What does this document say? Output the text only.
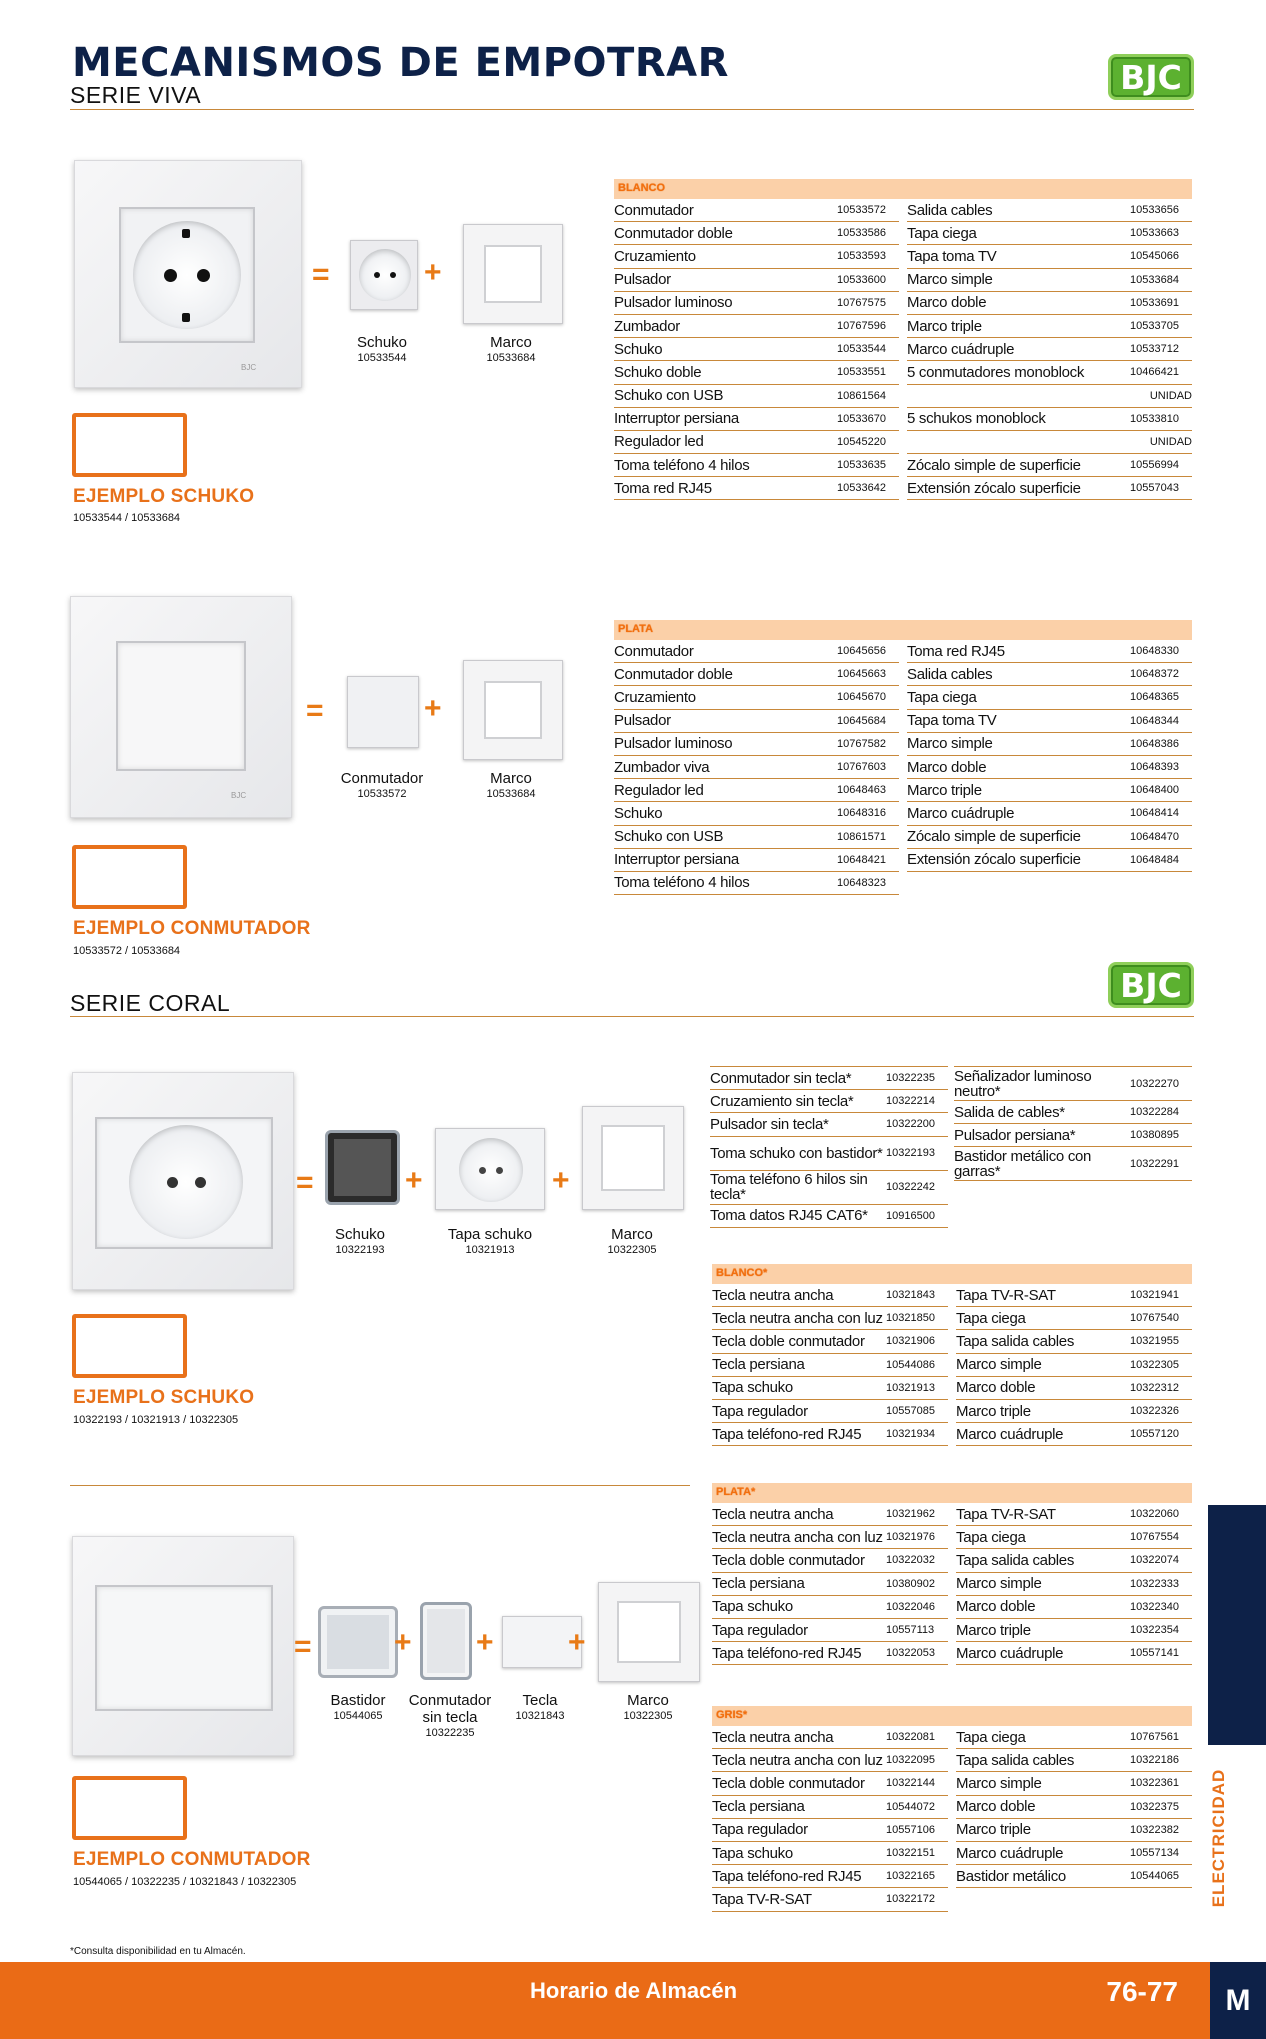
MECANISMOS DE EMPOTRAR
SERIE VIVA	BJC
BJC
=	+
Schuko
10533544
Marco
10533684
EJEMPLO SCHUKO
10533544 / 10533684
BLANCO
Conmutador	10533572
Conmutador doble	10533586
Cruzamiento	10533593
Pulsador	10533600
Pulsador luminoso	10767575
Zumbador	10767596
Schuko	10533544
Schuko doble	10533551
Schuko con USB	10861564
Interruptor persiana	10533670
Regulador led	10545220
Toma teléfono 4 hilos	10533635
Toma red RJ45	10533642
Salida cables	10533656
Tapa ciega	10533663
Tapa toma TV	10545066
Marco simple	10533684
Marco doble	10533691
Marco triple	10533705
Marco cuádruple	10533712
5 conmutadores monoblock	10466421
UNIDAD
5 schukos monoblock	10533810
UNIDAD
Zócalo simple de superficie	10556994
Extensión zócalo superficie	10557043
BJC
=	+
Conmutador
10533572
Marco
10533684
EJEMPLO CONMUTADOR
10533572 / 10533684
PLATA
Conmutador	10645656
Conmutador doble	10645663
Cruzamiento	10645670
Pulsador	10645684
Pulsador luminoso	10767582
Zumbador viva	10767603
Regulador led	10648463
Schuko	10648316
Schuko con USB	10861571
Interruptor persiana	10648421
Toma teléfono 4 hilos	10648323
Toma red RJ45	10648330
Salida cables	10648372
Tapa ciega	10648365
Tapa toma TV	10648344
Marco simple	10648386
Marco doble	10648393
Marco triple	10648400
Marco cuádruple	10648414
Zócalo simple de superficie	10648470
Extensión zócalo superficie	10648484
SERIE CORAL	BJC
=	+	+
Schuko
10322193
Tapa schuko
10321913
Marco
10322305
EJEMPLO SCHUKO
10322193 / 10321913 / 10322305
Conmutador sin tecla*	10322235
Cruzamiento sin tecla*	10322214
Pulsador sin tecla*	10322200
Toma schuko con bastidor* 10322193
Toma teléfono 6 hilos sin tecla*	10322242
Toma datos RJ45 CAT6*	10916500
Señalizador luminoso neutro*	10322270
Salida de cables*	10322284
Pulsador persiana*	10380895
Bastidor metálico con garras*	10322291
BLANCO*
Tecla neutra ancha	10321843
Tecla neutra ancha con luz 10321850
Tecla doble conmutador	10321906
Tecla persiana	10544086
Tapa schuko	10321913
Tapa regulador	10557085
Tapa teléfono-red RJ45	10321934
Tapa TV-R-SAT	10321941
Tapa ciega	10767540
Tapa salida cables	10321955
Marco simple	10322305
Marco doble	10322312
Marco triple	10322326
Marco cuádruple	10557120
=	+ + +
Bastidor
10544065
Conmutador sin tecla
10322235
Tecla
10321843
Marco
10322305
EJEMPLO CONMUTADOR
10544065 / 10322235 / 10321843 / 10322305
PLATA*
Tecla neutra ancha	10321962
Tecla neutra ancha con luz 10321976
Tecla doble conmutador	10322032
Tecla persiana	10380902
Tapa schuko	10322046
Tapa regulador	10557113
Tapa teléfono-red RJ45	10322053
Tapa TV-R-SAT	10322060
Tapa ciega	10767554
Tapa salida cables	10322074
Marco simple	10322333
Marco doble	10322340
Marco triple	10322354
Marco cuádruple	10557141
GRIS*
Tecla neutra ancha	10322081
Tecla neutra ancha con luz 10322095
Tecla doble conmutador	10322144
Tecla persiana	10544072
Tapa regulador	10557106
Tapa schuko	10322151
Tapa teléfono-red RJ45	10322165
Tapa TV-R-SAT	10322172
Tapa ciega	10767561
Tapa salida cables	10322186
Marco simple	10322361
Marco doble	10322375
Marco triple	10322382
Marco cuádruple	10557134
Bastidor metálico	10544065	ELECTRICIDAD
*Consulta disponibilidad en tu Almacén.
Horario de Almacén	76-77	M
